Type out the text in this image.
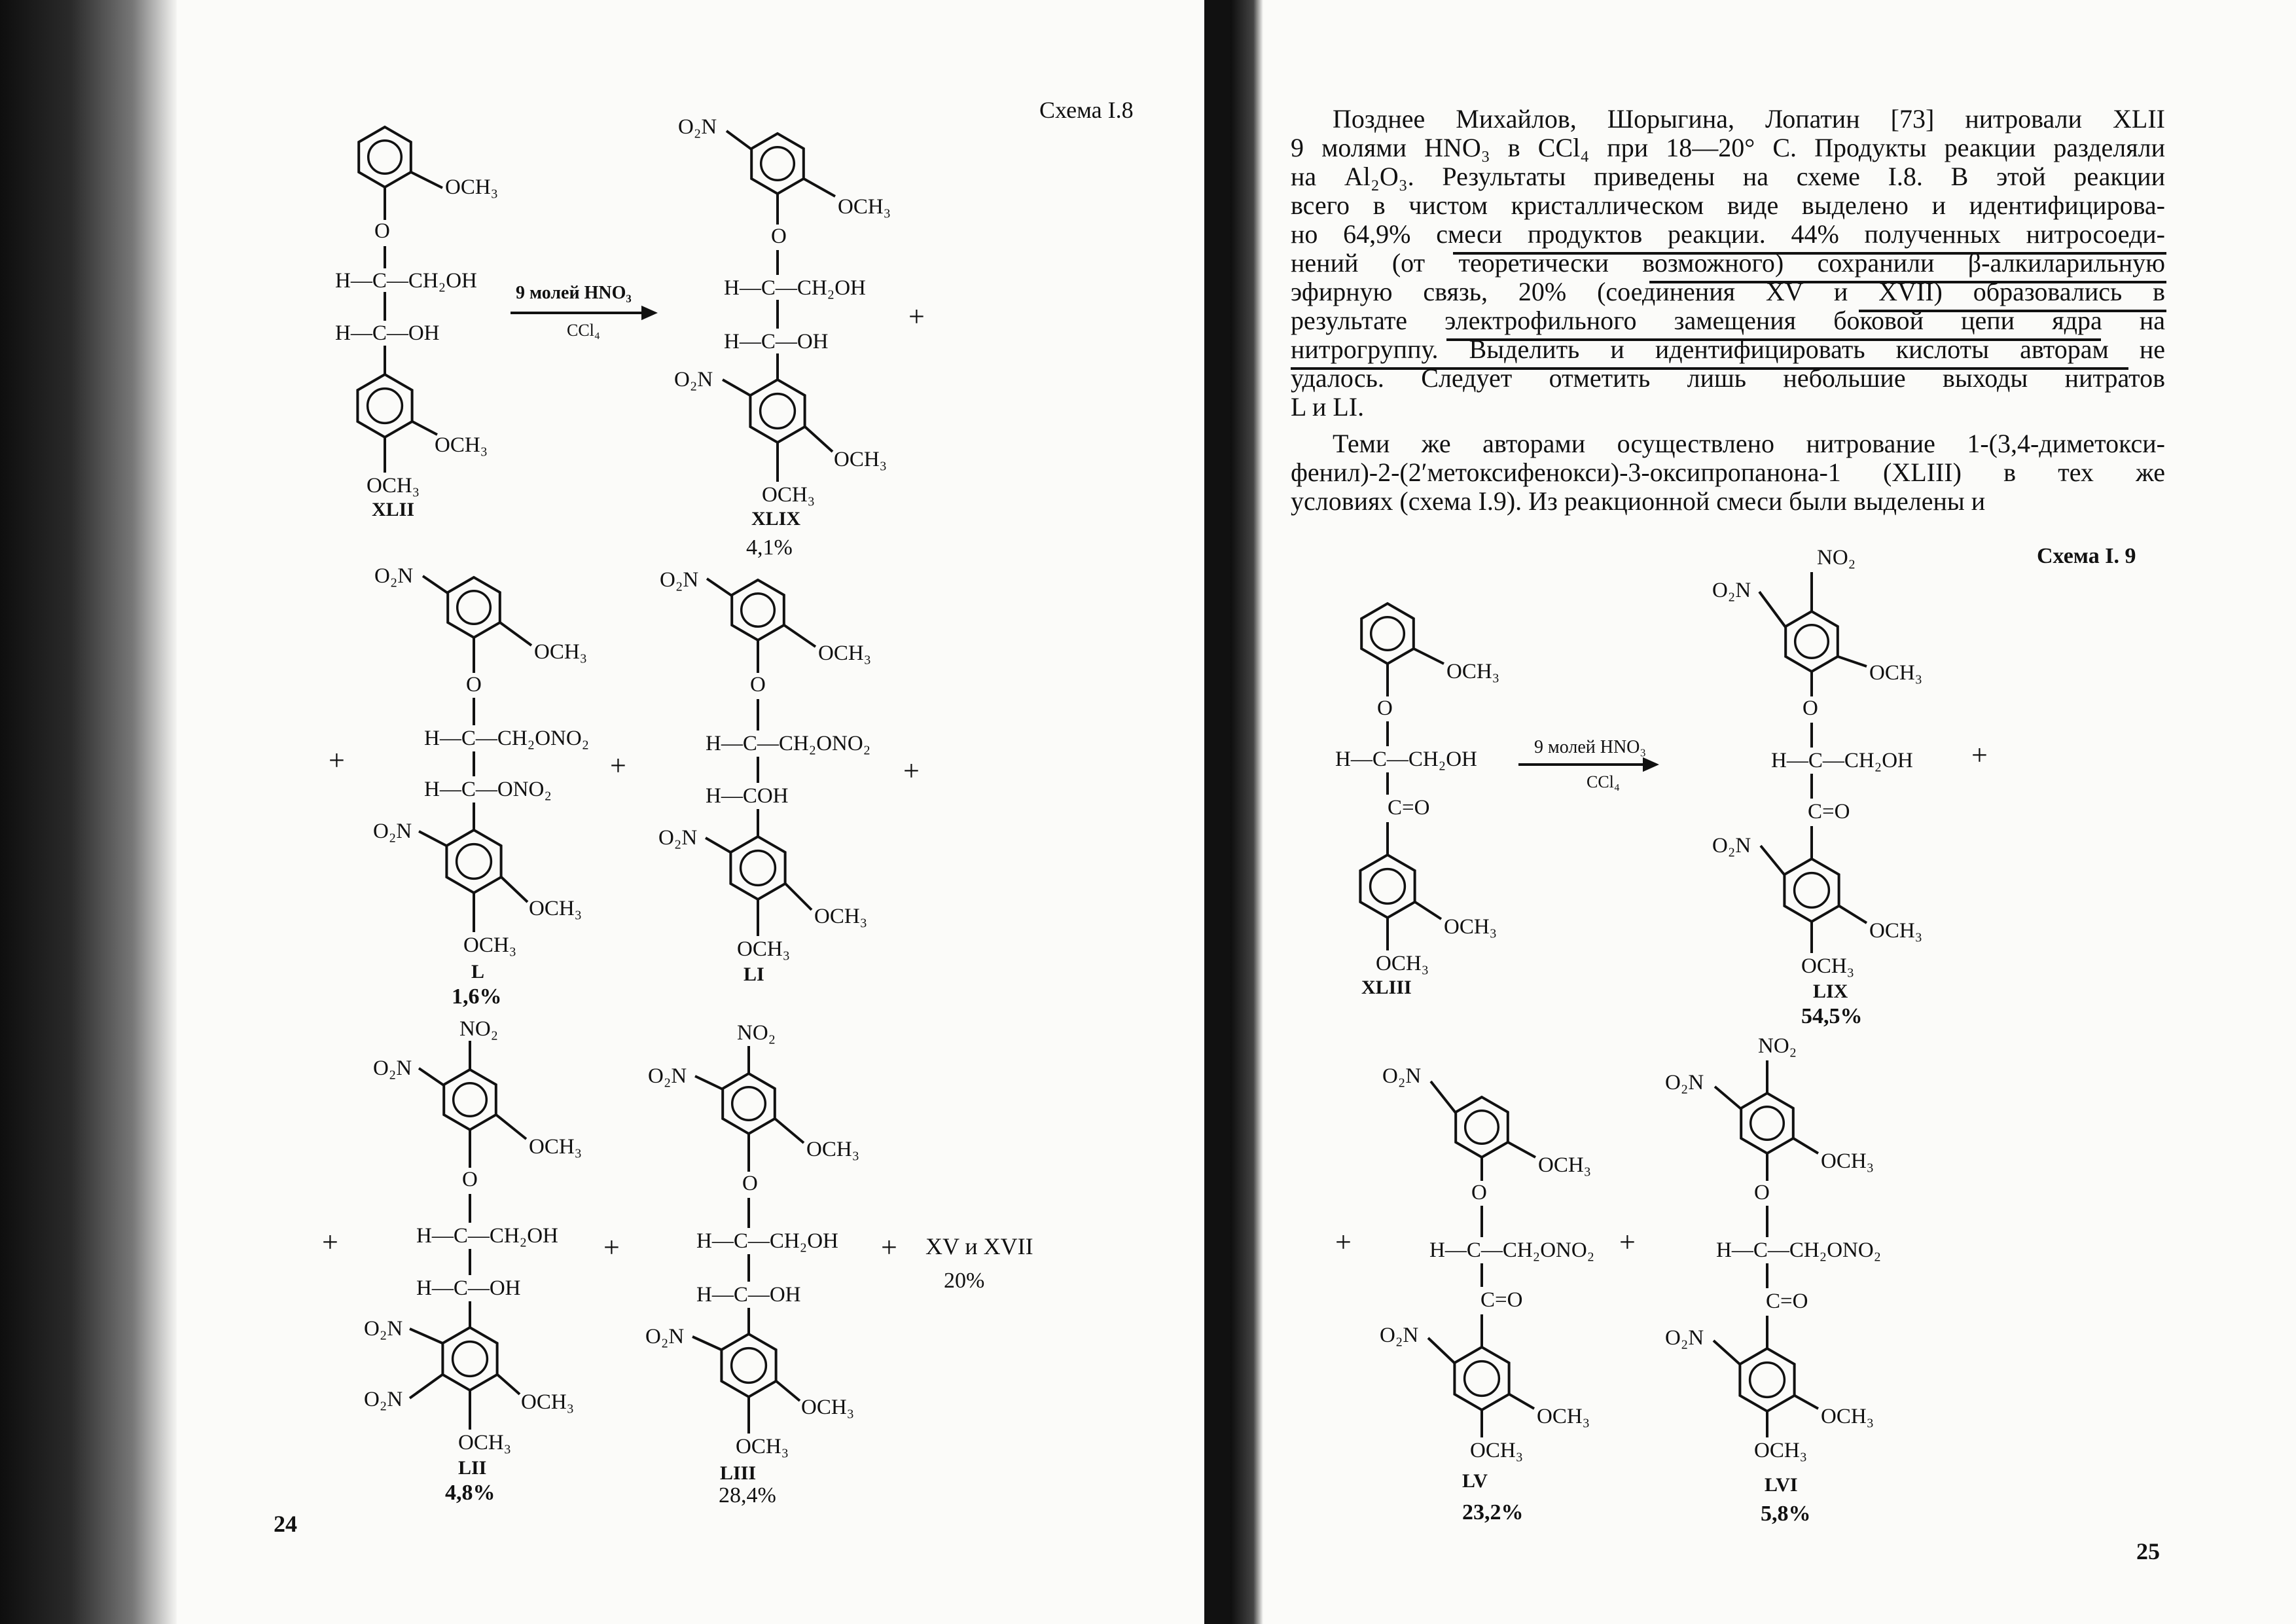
Схема I.8
OCH₃
O
H—C—CH₂OH
H—C—OH
OCH₃
OCH₃
XLII
9 молей HNO₃
CCl₄
O₂N
OCH₃
O
H—C—CH₂OH
H—C—OH
O₂N
OCH₃
OCH₃
XLIX
4,1%
+
O₂N
OCH₃
O
H—C—CH₂ONO₂
H—C—ONO₂
O₂N
OCH₃
OCH₃
L
1,6%
+	+
O₂N
OCH₃
O
H—C—CH₂ONO₂
H—COH
O₂N
OCH₃
OCH₃
LI
+
NO₂
O₂N
OCH₃
O
H—C—CH₂OH
H—C—OH
O₂N
O₂N	OCH₃
OCH₃
LII
4,8%
+	+
NO₂
O₂N
OCH₃
O
H—C—CH₂OH
H—C—OH
O₂N
OCH₃
OCH₃
LIII
28,4%
+ XV и XVII
20%
24
Позднее Михайлов, Шорыгина, Лопатин [73] нитровали XLII
9 молями HNO₃ в CCl₄ при 18—20° С. Продукты реакции разделяли
на Al₂O₃. Результаты приведены на схеме I.8. В этой реакции
всего в чистом кристаллическом виде выделено и идентифицирова-
но 64,9% смеси продуктов реакции. 44% полученных нитросоеди-
нений (от теоретически возможного) сохранили β-алкиларильную
эфирную связь, 20% (соединения XV и XVII) образовались в
результате электрофильного замещения боковой цепи ядра на
нитрогруппу. Выделить и идентифицировать кислоты авторам не
удалось. Следует отметить лишь небольшие выходы нитратов
L и LI.
Теми же авторами осуществлено нитрование 1-(3,4-диметокси-
фенил)-2-(2′метоксифенокси)-3-оксипропанона-1 (XLIII) в тех же
условиях (схема I.9). Из реакционной смеси были выделены и
Схема I. 9
OCH₃
O
H—C—CH₂OH
C=O
OCH₃
OCH₃
XLIII
9 молей HNO₃
CCl₄
NO₂
O₂N
OCH₃
O
H—C—CH₂OH
C=O
O₂N
OCH₃
OCH₃
LIX
54,5%
+
O₂N
OCH₃
O
H—C—CH₂ONO₂
C=O
O₂N
OCH₃
OCH₃
LV
23,2%
+	+
NO₂
O₂N
OCH₃
O
H—C—CH₂ONO₂
C=O
O₂N
OCH₃
OCH₃
LVI
5,8%
25
